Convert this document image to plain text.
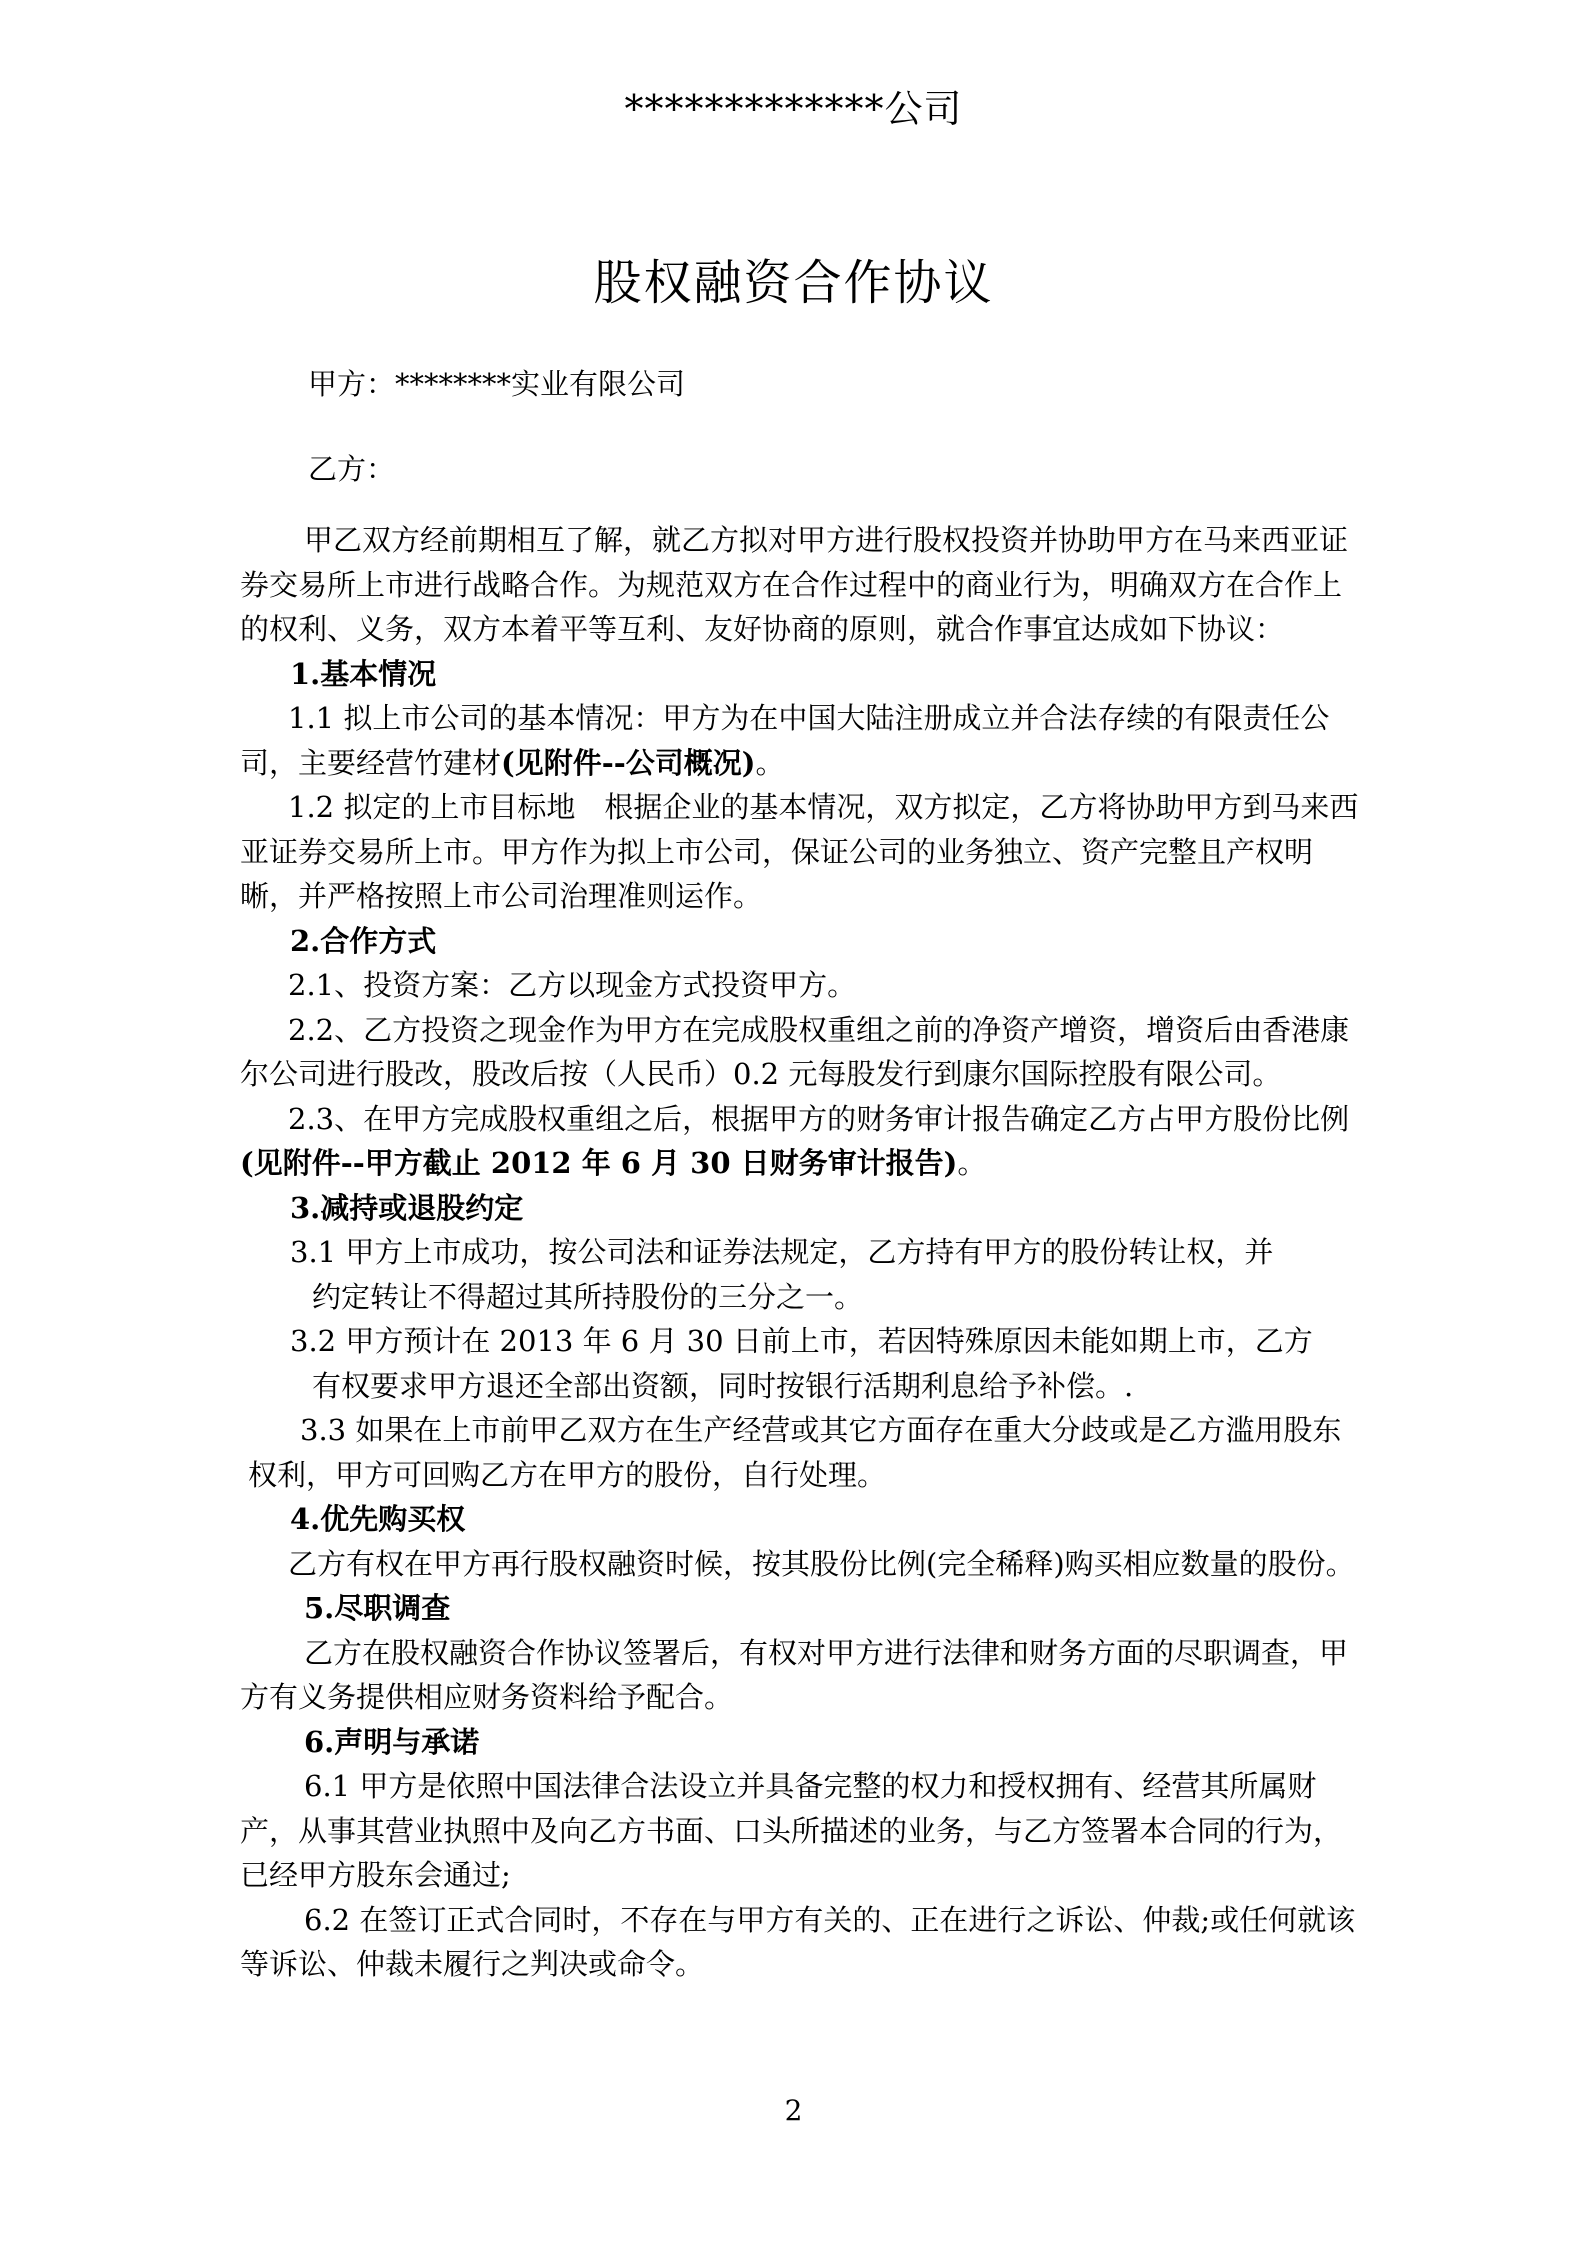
*************公司
股权融资合作协议
甲方：********实业有限公司
乙方：

甲乙双方经前期相互了解，就乙方拟对甲方进行股权投资并协助甲方在马来西亚证券交易所上市进行战略合作。为规范双方在合作过程中的商业行为，明确双方在合作上的权利、义务，双方本着平等互利、友好协商的原则，就合作事宜达成如下协议：

1.基本情况

1.1 拟上市公司的基本情况：甲方为在中国大陆注册成立并合法存续的有限责任公司，主要经营竹建材(见附件--公司概况)。

1.2 拟定的上市目标地　根据企业的基本情况，双方拟定，乙方将协助甲方到马来西亚证券交易所上市。甲方作为拟上市公司，保证公司的业务独立、资产完整且产权明晰，并严格按照上市公司治理准则运作。

2.合作方式

2.1、投资方案：乙方以现金方式投资甲方。

2.2、乙方投资之现金作为甲方在完成股权重组之前的净资产增资，增资后由香港康尔公司进行股改，股改后按（人民币）0.2 元每股发行到康尔国际控股有限公司。

2.3、在甲方完成股权重组之后，根据甲方的财务审计报告确定乙方占甲方股份比例(见附件--甲方截止 2012 年 6 月 30 日财务审计报告)。

3.减持或退股约定

3.1 甲方上市成功，按公司法和证券法规定，乙方持有甲方的股份转让权，并

约定转让不得超过其所持股份的三分之一。

3.2 甲方预计在 2013 年 6 月 30 日前上市，若因特殊原因未能如期上市，乙方

有权要求甲方退还全部出资额，同时按银行活期利息给予补偿。.

3.3 如果在上市前甲乙双方在生产经营或其它方面存在重大分歧或是乙方滥用股东权利，甲方可回购乙方在甲方的股份，自行处理。

4.优先购买权

乙方有权在甲方再行股权融资时候，按其股份比例(完全稀释)购买相应数量的股份。

5.尽职调查

乙方在股权融资合作协议签署后，有权对甲方进行法律和财务方面的尽职调查，甲方有义务提供相应财务资料给予配合。

6.声明与承诺

6.1 甲方是依照中国法律合法设立并具备完整的权力和授权拥有、经营其所属财产，从事其营业执照中及向乙方书面、口头所描述的业务，与乙方签署本合同的行为，已经甲方股东会通过;

6.2 在签订正式合同时，不存在与甲方有关的、正在进行之诉讼、仲裁;或任何就该等诉讼、仲裁未履行之判决或命令。

2
